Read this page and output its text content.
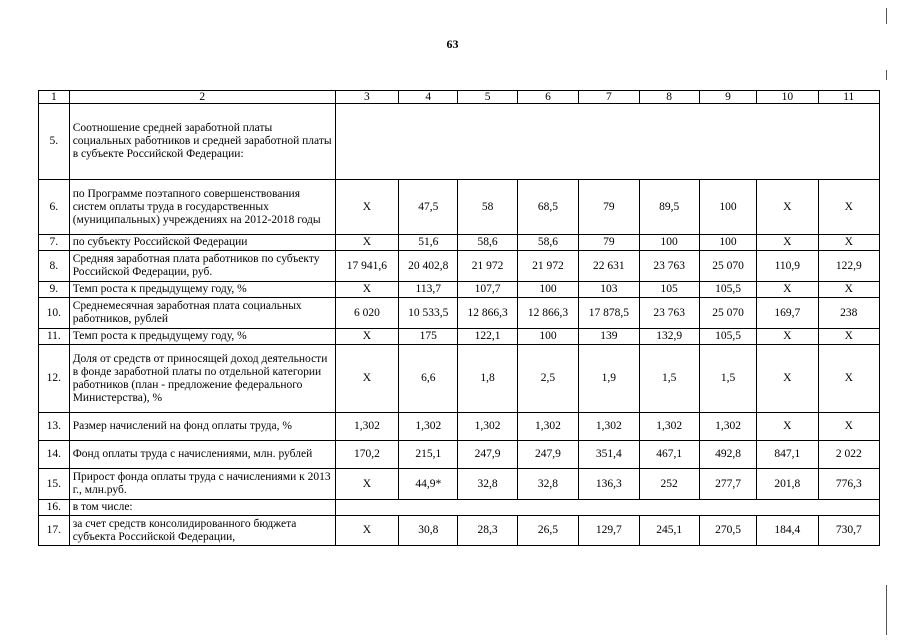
63
1	2	3	4	5	6	7	8	9	10	11
5.	Соотношение средней заработной платы социальных работников и средней заработной платы в субъекте Российской Федерации:									
6.	по Программе поэтапного совершенствования систем оплаты труда в государственных (муниципальных) учреждениях на 2012-2018 годы	Х	47,5	58	68,5	79	89,5	100	Х	Х
7.	по субъекту Российской Федерации	Х	51,6	58,6	58,6	79	100	100	Х	Х
8.	Средняя заработная плата работников по субъекту Российской Федерации, руб.	17 941,6	20 402,8	21 972	21 972	22 631	23 763	25 070	110,9	122,9
9.	Темп роста к предыдущему году, %	Х	113,7	107,7	100	103	105	105,5	Х	Х
10.	Среднемесячная заработная плата социальных работников, рублей	6 020	10 533,5	12 866,3	12 866,3	17 878,5	23 763	25 070	169,7	238
11.	Темп роста к предыдущему году, %	Х	175	122,1	100	139	132,9	105,5	Х	Х
12.	Доля от средств от приносящей доход деятельности в фонде заработной платы по отдельной категории работников (план - предложение федерального Министерства), %	Х	6,6	1,8	2,5	1,9	1,5	1,5	Х	Х
13.	Размер начислений на фонд оплаты труда, %	1,302	1,302	1,302	1,302	1,302	1,302	1,302	Х	Х
14.	Фонд оплаты труда с начислениями, млн. рублей	170,2	215,1	247,9	247,9	351,4	467,1	492,8	847,1	2 022
15.	Прирост фонда оплаты труда с начислениями к 2013 г., млн.руб.	Х	44,9*	32,8	32,8	136,3	252	277,7	201,8	776,3
16.	в том числе:									
17.	за счет средств консолидированного бюджета субъекта Российской Федерации,	Х	30,8	28,3	26,5	129,7	245,1	270,5	184,4	730,7
